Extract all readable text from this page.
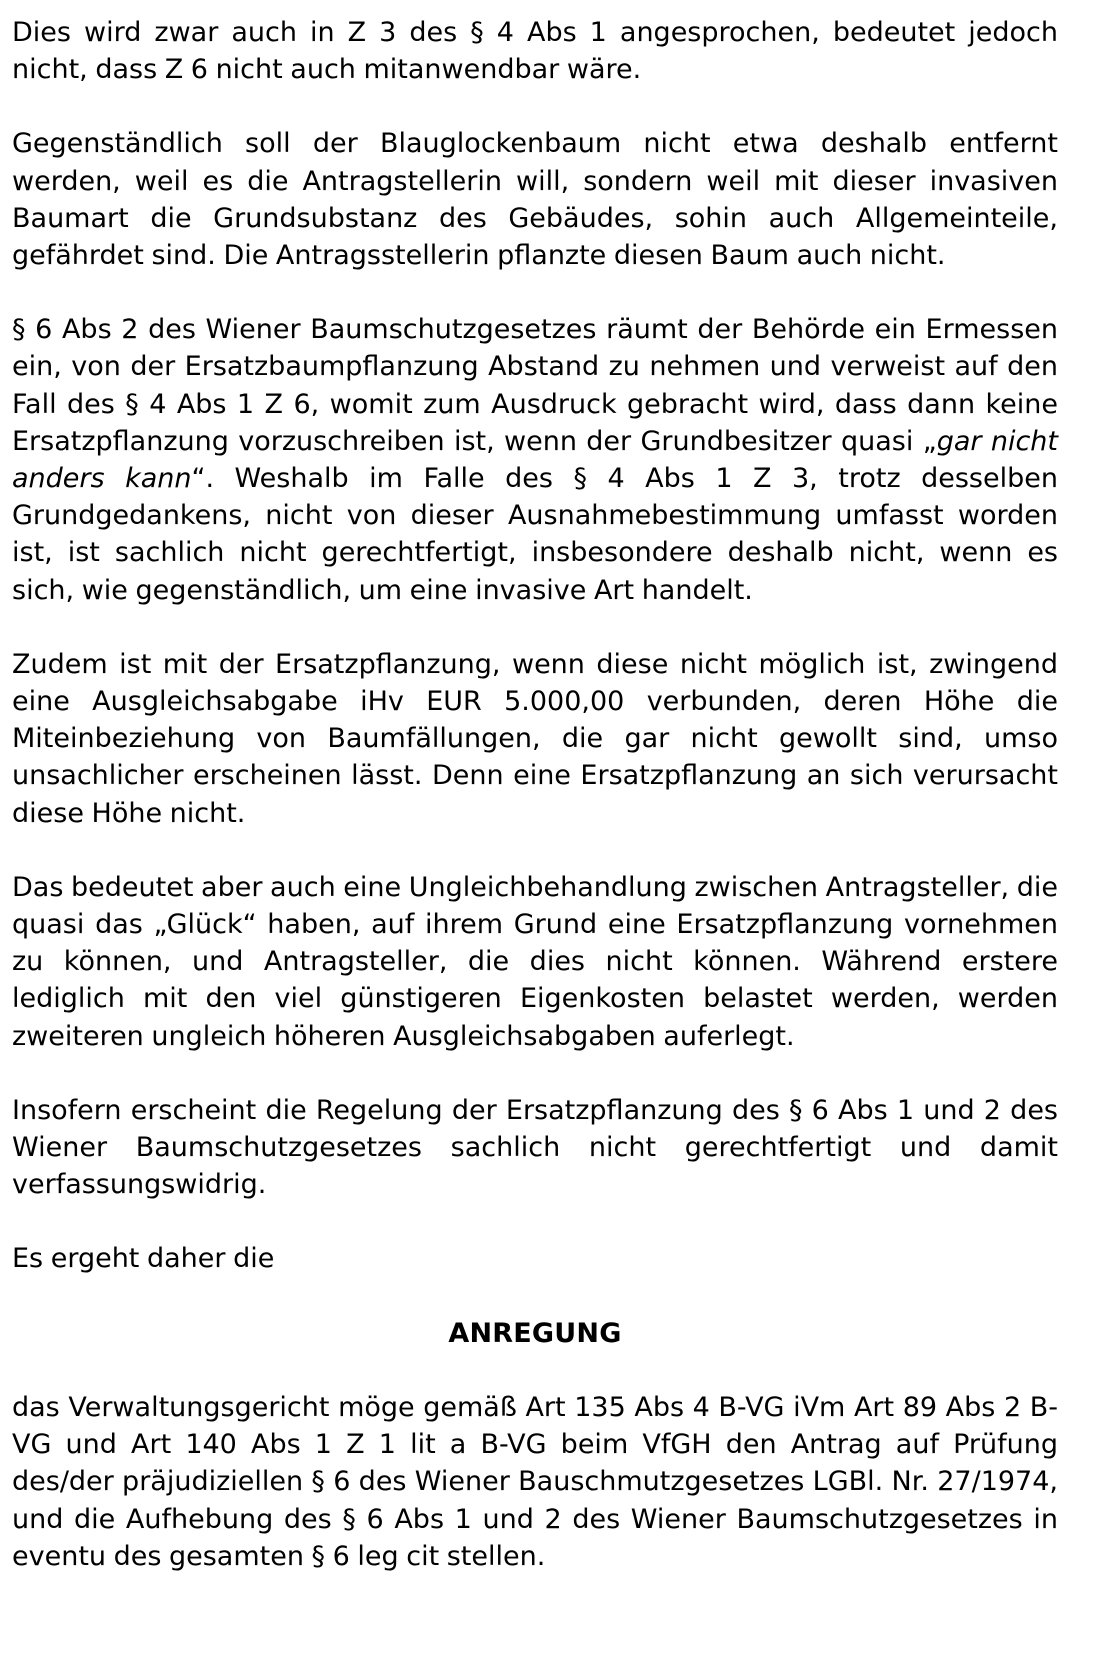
Dies wird zwar auch in Z 3 des § 4 Abs 1 angesprochen, bedeutet jedoch nicht, dass Z 6 nicht auch mitanwendbar wäre.

Gegenständlich soll der Blauglockenbaum nicht etwa deshalb entfernt werden, weil es die Antragstellerin will, sondern weil mit dieser invasiven Baumart die Grundsubstanz des Gebäudes, sohin auch Allgemeinteile, gefährdet sind. Die Antragsstellerin pflanzte diesen Baum auch nicht.

§ 6 Abs 2 des Wiener Baumschutzgesetzes räumt der Behörde ein Ermessen ein, von der Ersatzbaumpflanzung Abstand zu nehmen und verweist auf den Fall des § 4 Abs 1 Z 6, womit zum Ausdruck gebracht wird, dass dann keine Ersatzpflanzung vorzuschreiben ist, wenn der Grundbesitzer quasi „gar nicht anders kann“. Weshalb im Falle des § 4 Abs 1 Z 3, trotz desselben Grundgedankens, nicht von dieser Ausnahmebestimmung umfasst worden ist, ist sachlich nicht gerechtfertigt, insbesondere deshalb nicht, wenn es sich, wie gegenständlich, um eine invasive Art handelt.

Zudem ist mit der Ersatzpflanzung, wenn diese nicht möglich ist, zwingend eine Ausgleichsabgabe iHv EUR 5.000,00 verbunden, deren Höhe die Miteinbeziehung von Baumfällungen, die gar nicht gewollt sind, umso unsachlicher erscheinen lässt. Denn eine Ersatzpflanzung an sich verursacht diese Höhe nicht.

Das bedeutet aber auch eine Ungleichbehandlung zwischen Antragsteller, die quasi das „Glück“ haben, auf ihrem Grund eine Ersatzpflanzung vornehmen zu können, und Antragsteller, die dies nicht können. Während erstere lediglich mit den viel günstigeren Eigenkosten belastet werden, werden zweiteren ungleich höheren Ausgleichsabgaben auferlegt.

Insofern erscheint die Regelung der Ersatzpflanzung des § 6 Abs 1 und 2 des Wiener Baumschutzgesetzes sachlich nicht gerechtfertigt und damit verfassungswidrig.

Es ergeht daher die

ANREGUNG

das Verwaltungsgericht möge gemäß Art 135 Abs 4 B-VG iVm Art 89 Abs 2 B-VG und Art 140 Abs 1 Z 1 lit a B-VG beim VfGH den Antrag auf Prüfung des/der präjudiziellen § 6 des Wiener Bauschmutzgesetzes LGBl. Nr. 27/1974, und die Aufhebung des § 6 Abs 1 und 2 des Wiener Baumschutzgesetzes in eventu des gesamten § 6 leg cit stellen.
